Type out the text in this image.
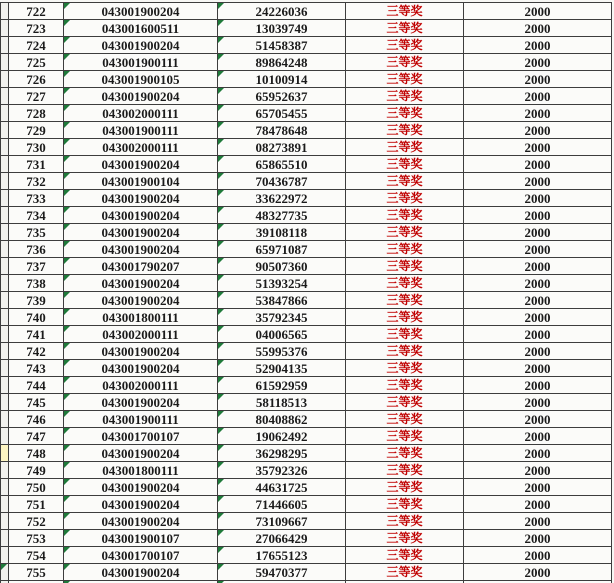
	722	043001900204	24226036	三等奖	2000
	723	043001600511	13039749	三等奖	2000
	724	043001900204	51458387	三等奖	2000
	725	043001900111	89864248	三等奖	2000
	726	043001900105	10100914	三等奖	2000
	727	043001900204	65952637	三等奖	2000
	728	043002000111	65705455	三等奖	2000
	729	043001900111	78478648	三等奖	2000
	730	043002000111	08273891	三等奖	2000
	731	043001900204	65865510	三等奖	2000
	732	043001900104	70436787	三等奖	2000
	733	043001900204	33622972	三等奖	2000
	734	043001900204	48327735	三等奖	2000
	735	043001900204	39108118	三等奖	2000
	736	043001900204	65971087	三等奖	2000
	737	043001790207	90507360	三等奖	2000
	738	043001900204	51393254	三等奖	2000
	739	043001900204	53847866	三等奖	2000
	740	043001800111	35792345	三等奖	2000
	741	043002000111	04006565	三等奖	2000
	742	043001900204	55995376	三等奖	2000
	743	043001900204	52904135	三等奖	2000
	744	043002000111	61592959	三等奖	2000
	745	043001900204	58118513	三等奖	2000
	746	043001900111	80408862	三等奖	2000
	747	043001700107	19062492	三等奖	2000
	748	043001900204	36298295	三等奖	2000
	749	043001800111	35792326	三等奖	2000
	750	043001900204	44631725	三等奖	2000
	751	043001900204	71446605	三等奖	2000
	752	043001900204	73109667	三等奖	2000
	753	043001900107	27066429	三等奖	2000
	754	043001700107	17655123	三等奖	2000

	755	043001900204	59470377	三等奖	2000
